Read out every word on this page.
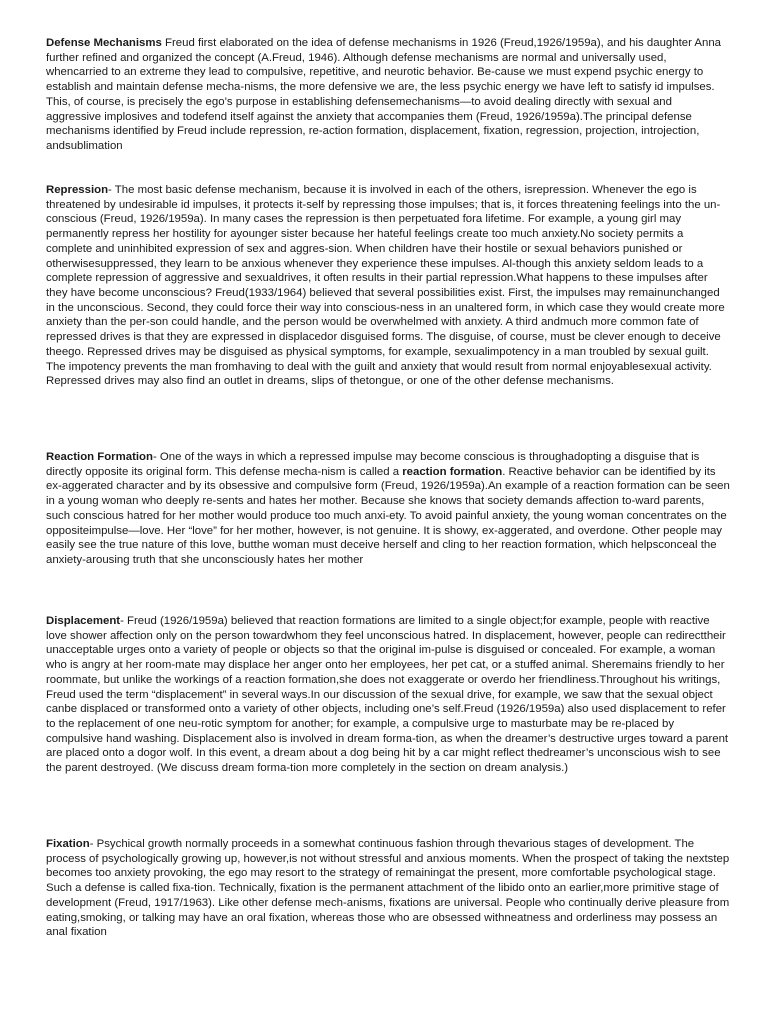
Defense Mechanisms Freud first elaborated on the idea of defense mechanisms in 1926 (Freud,1926/1959a), and his daughter Anna further refined and organized the concept (A.Freud, 1946). Although defense mechanisms are normal and universally used, whencarried to an extreme they lead to compulsive, repetitive, and neurotic behavior. Be-cause we must expend psychic energy to establish and maintain defense mecha-nisms, the more defensive we are, the less psychic energy we have left to satisfy id impulses. This, of course, is precisely the ego’s purpose in establishing defensemechanisms—to avoid dealing directly with sexual and aggressive implosives and todefend itself against the anxiety that accompanies them (Freud, 1926/1959a).The principal defense mechanisms identified by Freud include repression, re-action formation, displacement, fixation, regression, projection, introjection, andsublimation

Repression- The most basic defense mechanism, because it is involved in each of the others, isrepression. Whenever the ego is threatened by undesirable id impulses, it protects it-self by repressing those impulses; that is, it forces threatening feelings into the un-conscious (Freud, 1926/1959a). In many cases the repression is then perpetuated fora lifetime. For example, a young girl may permanently repress her hostility for ayounger sister because her hateful feelings create too much anxiety.No society permits a complete and uninhibited expression of sex and aggres-sion. When children have their hostile or sexual behaviors punished or otherwisesuppressed, they learn to be anxious whenever they experience these impulses. Al-though this anxiety seldom leads to a complete repression of aggressive and sexualdrives, it often results in their partial repression.What happens to these impulses after they have become unconscious? Freud(1933/1964) believed that several possibilities exist. First, the impulses may remainunchanged in the unconscious. Second, they could force their way into conscious-ness in an unaltered form, in which case they would create more anxiety than the per-son could handle, and the person would be overwhelmed with anxiety. A third andmuch more common fate of repressed drives is that they are expressed in displacedor disguised forms. The disguise, of course, must be clever enough to deceive theego. Repressed drives may be disguised as physical symptoms, for example, sexualimpotency in a man troubled by sexual guilt. The impotency prevents the man fromhaving to deal with the guilt and anxiety that would result from normal enjoyablesexual activity. Repressed drives may also find an outlet in dreams, slips of thetongue, or one of the other defense mechanisms.

Reaction Formation- One of the ways in which a repressed impulse may become conscious is throughadopting a disguise that is directly opposite its original form. This defense mecha-nism is called a reaction formation. Reactive behavior can be identified by its ex-aggerated character and by its obsessive and compulsive form (Freud, 1926/1959a).An example of a reaction formation can be seen in a young woman who deeply re-sents and hates her mother. Because she knows that society demands affection to-ward parents, such conscious hatred for her mother would produce too much anxi-ety. To avoid painful anxiety, the young woman concentrates on the oppositeimpulse—love. Her “love” for her mother, however, is not genuine. It is showy, ex-aggerated, and overdone. Other people may easily see the true nature of this love, butthe woman must deceive herself and cling to her reaction formation, which helpsconceal the anxiety-arousing truth that she unconsciously hates her mother

Displacement- Freud (1926/1959a) believed that reaction formations are limited to a single object;for example, people with reactive love shower affection only on the person towardwhom they feel unconscious hatred. In displacement, however, people can redirecttheir unacceptable urges onto a variety of people or objects so that the original im-pulse is disguised or concealed. For example, a woman who is angry at her room-mate may displace her anger onto her employees, her pet cat, or a stuffed animal. Sheremains friendly to her roommate, but unlike the workings of a reaction formation,she does not exaggerate or overdo her friendliness.Throughout his writings, Freud used the term “displacement” in several ways.In our discussion of the sexual drive, for example, we saw that the sexual object canbe displaced or transformed onto a variety of other objects, including one’s self.Freud (1926/1959a) also used displacement to refer to the replacement of one neu-rotic symptom for another; for example, a compulsive urge to masturbate may be re-placed by compulsive hand washing. Displacement also is involved in dream forma-tion, as when the dreamer’s destructive urges toward a parent are placed onto a dogor wolf. In this event, a dream about a dog being hit by a car might reflect thedreamer’s unconscious wish to see the parent destroyed. (We discuss dream forma-tion more completely in the section on dream analysis.)

Fixation- Psychical growth normally proceeds in a somewhat continuous fashion through thevarious stages of development. The process of psychologically growing up, however,is not without stressful and anxious moments. When the prospect of taking the nextstep becomes too anxiety provoking, the ego may resort to the strategy of remainingat the present, more comfortable psychological stage. Such a defense is called fixa-tion. Technically, fixation is the permanent attachment of the libido onto an earlier,more primitive stage of development (Freud, 1917/1963). Like other defense mech-anisms, fixations are universal. People who continually derive pleasure from eating,smoking, or talking may have an oral fixation, whereas those who are obsessed withneatness and orderliness may possess an anal fixation
